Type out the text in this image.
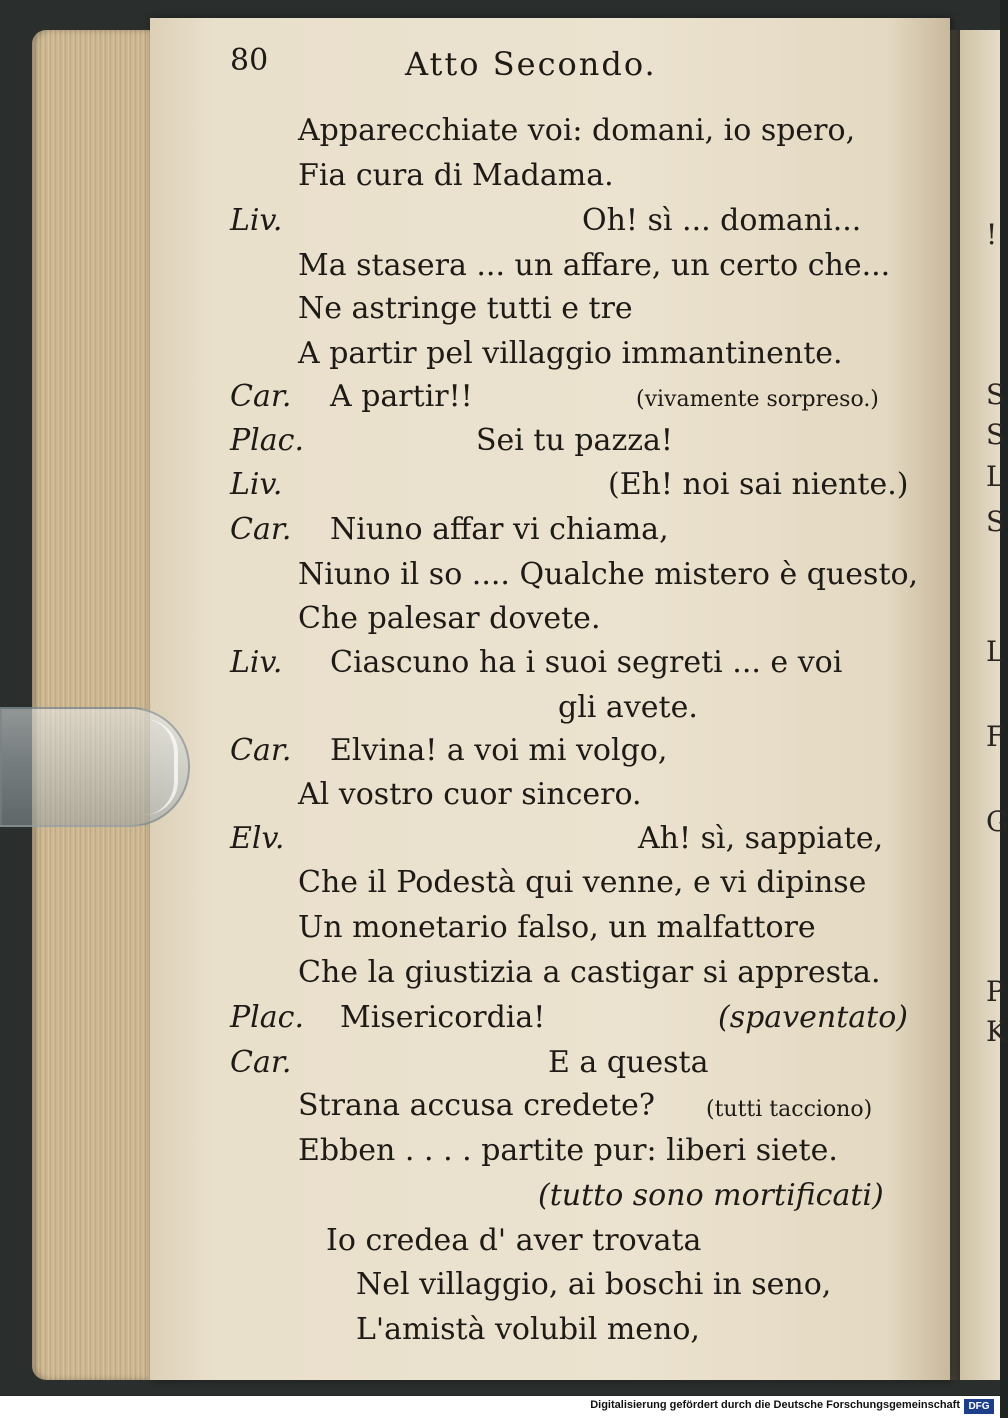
!
S
S
L
S
L
F
G
P
K
80	Atto Secondo.
Apparecchiate voi: domani, io spero,
Fia cura di Madama.
Liv.	Oh! sì ... domani...
Ma stasera ... un affare, un certo che...
Ne astringe tutti e tre
A partir pel villaggio immantinente.
Car. A partir!!	(vivamente sorpreso.)
Plac.	Sei tu pazza!
Liv.	(Eh! noi sai niente.)
Car. Niuno affar vi chiama,
Niuno il so .... Qualche mistero è questo,
Che palesar dovete.
Liv. Ciascuno ha i suoi segreti ... e voi
gli avete.
Car. Elvina! a voi mi volgo,
Al vostro cuor sincero.
Elv.	Ah! sì, sappiate,
Che il Podestà qui venne, e vi dipinse
Un monetario falso, un malfattore
Che la giustizia a castigar si appresta.
Plac. Misericordia!	(spaventato)
Car.	E a questa
Strana accusa credete? (tutti tacciono)
Ebben . . . . partite pur: liberi siete.
(tutto sono mortificati)
Io credea d' aver trovata
Nel villaggio, ai boschi in seno,
L'amistà volubil meno,
Digitalisierung gefördert durch die Deutsche Forschungsgemeinschaft DFG
